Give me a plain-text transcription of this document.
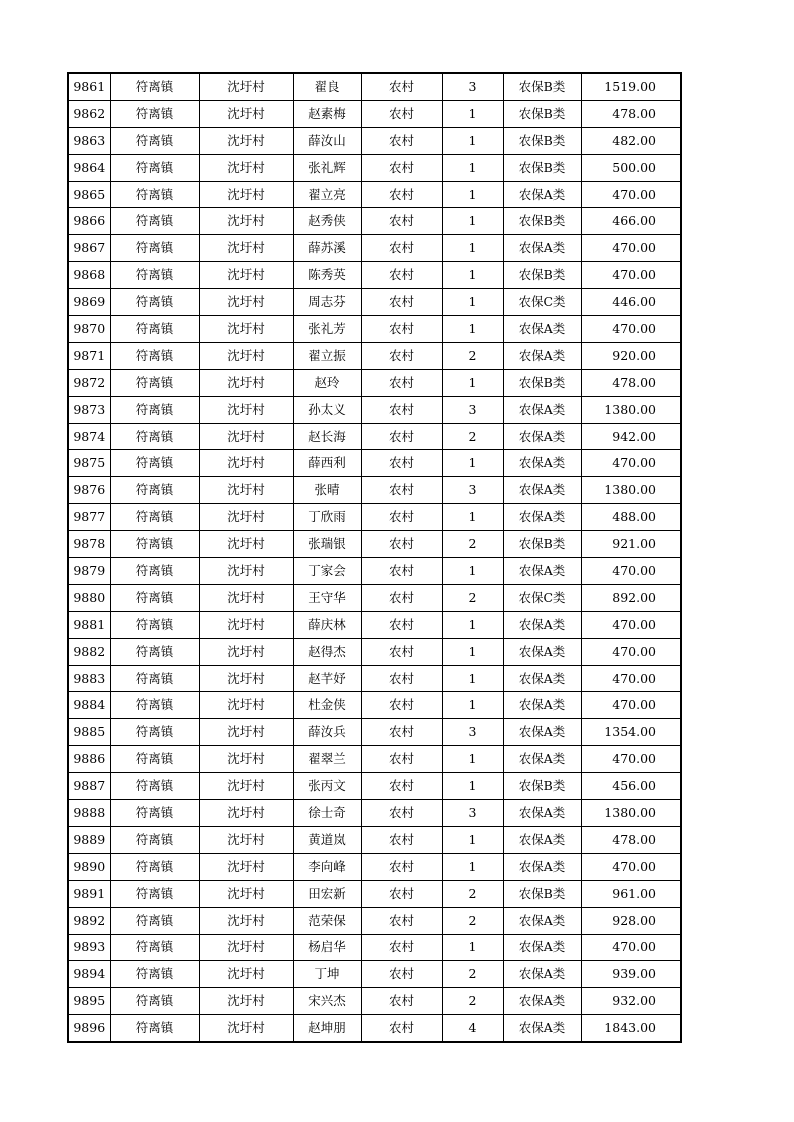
9861	符离镇	沈圩村	翟良	农村	3	农保B类	1519.00
9862	符离镇	沈圩村	赵素梅	农村	1	农保B类	478.00
9863	符离镇	沈圩村	薛汝山	农村	1	农保B类	482.00
9864	符离镇	沈圩村	张礼辉	农村	1	农保B类	500.00
9865	符离镇	沈圩村	翟立亮	农村	1	农保A类	470.00
9866	符离镇	沈圩村	赵秀侠	农村	1	农保B类	466.00
9867	符离镇	沈圩村	薛苏溪	农村	1	农保A类	470.00
9868	符离镇	沈圩村	陈秀英	农村	1	农保B类	470.00
9869	符离镇	沈圩村	周志芬	农村	1	农保C类	446.00
9870	符离镇	沈圩村	张礼芳	农村	1	农保A类	470.00
9871	符离镇	沈圩村	翟立振	农村	2	农保A类	920.00
9872	符离镇	沈圩村	赵玲	农村	1	农保B类	478.00
9873	符离镇	沈圩村	孙太义	农村	3	农保A类	1380.00
9874	符离镇	沈圩村	赵长海	农村	2	农保A类	942.00
9875	符离镇	沈圩村	薛西利	农村	1	农保A类	470.00
9876	符离镇	沈圩村	张晴	农村	3	农保A类	1380.00
9877	符离镇	沈圩村	丁欣雨	农村	1	农保A类	488.00
9878	符离镇	沈圩村	张瑞银	农村	2	农保B类	921.00
9879	符离镇	沈圩村	丁家会	农村	1	农保A类	470.00
9880	符离镇	沈圩村	王守华	农村	2	农保C类	892.00
9881	符离镇	沈圩村	薛庆林	农村	1	农保A类	470.00
9882	符离镇	沈圩村	赵得杰	农村	1	农保A类	470.00
9883	符离镇	沈圩村	赵芊妤	农村	1	农保A类	470.00
9884	符离镇	沈圩村	杜金侠	农村	1	农保A类	470.00
9885	符离镇	沈圩村	薛汝兵	农村	3	农保A类	1354.00
9886	符离镇	沈圩村	翟翠兰	农村	1	农保A类	470.00
9887	符离镇	沈圩村	张丙文	农村	1	农保B类	456.00
9888	符离镇	沈圩村	徐士奇	农村	3	农保A类	1380.00
9889	符离镇	沈圩村	黄道岚	农村	1	农保A类	478.00
9890	符离镇	沈圩村	李向峰	农村	1	农保A类	470.00
9891	符离镇	沈圩村	田宏新	农村	2	农保B类	961.00
9892	符离镇	沈圩村	范荣保	农村	2	农保A类	928.00
9893	符离镇	沈圩村	杨启华	农村	1	农保A类	470.00
9894	符离镇	沈圩村	丁坤	农村	2	农保A类	939.00
9895	符离镇	沈圩村	宋兴杰	农村	2	农保A类	932.00
9896	符离镇	沈圩村	赵坤朋	农村	4	农保A类	1843.00
